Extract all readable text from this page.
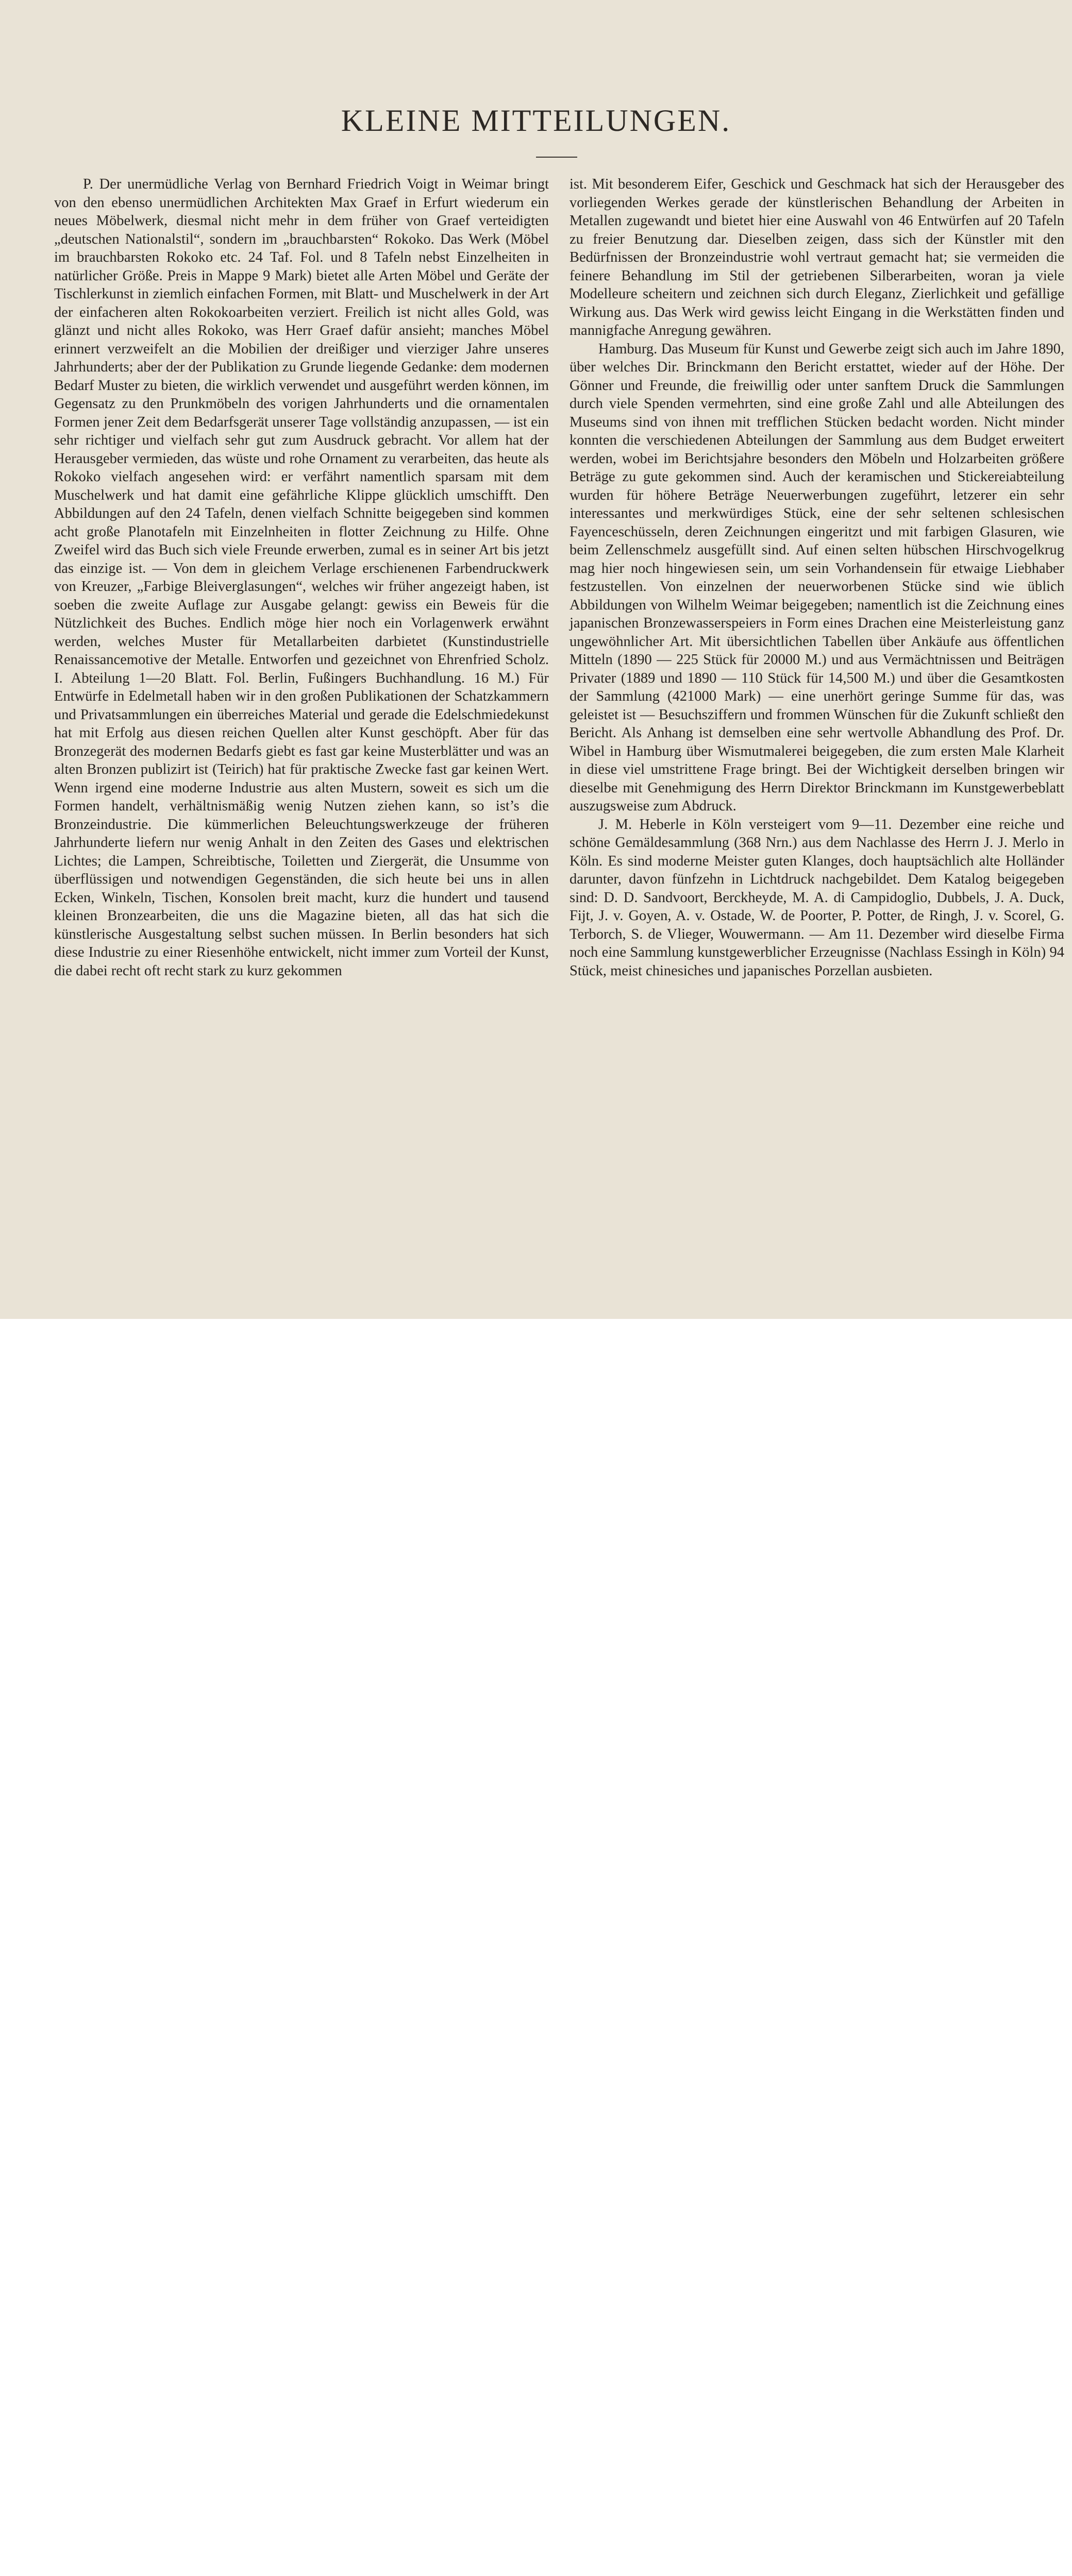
KLEINE MITTEILUNGEN.

P. Der unermüdliche Verlag von Bernhard Friedrich Voigt in Weimar bringt von den ebenso unermüdlichen Architekten Max Graef in Erfurt wiederum ein neues Möbelwerk, diesmal nicht mehr in dem früher von Graef verteidigten „deutschen Nationalstil“, sondern im „brauchbarsten“ Rokoko. Das Werk (Möbel im brauchbarsten Rokoko etc. 24 Taf. Fol. und 8 Tafeln nebst Einzelheiten in natürlicher Größe. Preis in Mappe 9 Mark) bietet alle Arten Möbel und Geräte der Tischlerkunst in ziemlich einfachen Formen, mit Blatt- und Muschelwerk in der Art der einfacheren alten Rokokoarbeiten verziert. Freilich ist nicht alles Gold, was glänzt und nicht alles Rokoko, was Herr Graef dafür ansieht; manches Möbel erinnert verzweifelt an die Mobilien der dreißiger und vierziger Jahre unseres Jahrhunderts; aber der der Publikation zu Grunde liegende Gedanke: dem modernen Bedarf Muster zu bieten, die wirklich verwendet und ausgeführt werden können, im Gegensatz zu den Prunkmöbeln des vorigen Jahrhunderts und die ornamentalen Formen jener Zeit dem Bedarfsgerät unserer Tage vollständig anzupassen, — ist ein sehr richtiger und vielfach sehr gut zum Ausdruck gebracht. Vor allem hat der Herausgeber vermieden, das wüste und rohe Ornament zu verarbeiten, das heute als Rokoko vielfach angesehen wird: er verfährt namentlich sparsam mit dem Muschelwerk und hat damit eine gefährliche Klippe glücklich umschifft. Den Abbildungen auf den 24 Tafeln, denen vielfach Schnitte beigegeben sind kommen acht große Planotafeln mit Einzelnheiten in flotter Zeichnung zu Hilfe. Ohne Zweifel wird das Buch sich viele Freunde erwerben, zumal es in seiner Art bis jetzt das einzige ist. — Von dem in gleichem Verlage erschienenen Farbendruckwerk von Kreuzer, „Farbige Bleiverglasungen“, welches wir früher angezeigt haben, ist soeben die zweite Auflage zur Ausgabe gelangt: gewiss ein Beweis für die Nützlichkeit des Buches. Endlich möge hier noch ein Vorlagenwerk erwähnt werden, welches Muster für Metallarbeiten darbietet (Kunstindustrielle Renaissancemotive der Metalle. Entworfen und gezeichnet von Ehrenfried Scholz. I. Abteilung 1—20 Blatt. Fol. Berlin, Fußingers Buchhandlung. 16 M.) Für Entwürfe in Edelmetall haben wir in den großen Publikationen der Schatzkammern und Privatsammlungen ein überreiches Material und gerade die Edelschmiedekunst hat mit Erfolg aus diesen reichen Quellen alter Kunst geschöpft. Aber für das Bronzegerät des modernen Bedarfs giebt es fast gar keine Musterblätter und was an alten Bronzen publizirt ist (Teirich) hat für praktische Zwecke fast gar keinen Wert. Wenn irgend eine moderne Industrie aus alten Mustern, soweit es sich um die Formen handelt, verhältnismäßig wenig Nutzen ziehen kann, so ist’s die Bronzeindustrie. Die kümmerlichen Beleuchtungswerkzeuge der früheren Jahrhunderte liefern nur wenig Anhalt in den Zeiten des Gases und elektrischen Lichtes; die Lampen, Schreibtische, Toiletten und Ziergerät, die Unsumme von überflüssigen und notwendigen Gegenständen, die sich heute bei uns in allen Ecken, Winkeln, Tischen, Konsolen breit macht, kurz die hundert und tausend kleinen Bronzearbeiten, die uns die Magazine bieten, all das hat sich die künstlerische Ausgestaltung selbst suchen müssen. In Berlin besonders hat sich diese Industrie zu einer Riesenhöhe entwickelt, nicht immer zum Vorteil der Kunst, die dabei recht oft recht stark zu kurz gekommen

ist. Mit besonderem Eifer, Geschick und Geschmack hat sich der Herausgeber des vorliegenden Werkes gerade der künstlerischen Behandlung der Arbeiten in Metallen zugewandt und bietet hier eine Auswahl von 46 Entwürfen auf 20 Tafeln zu freier Benutzung dar. Dieselben zeigen, dass sich der Künstler mit den Bedürfnissen der Bronzeindustrie wohl vertraut gemacht hat; sie vermeiden die feinere Behandlung im Stil der getriebenen Silberarbeiten, woran ja viele Modelleure scheitern und zeichnen sich durch Eleganz, Zierlichkeit und gefällige Wirkung aus. Das Werk wird gewiss leicht Eingang in die Werkstätten finden und mannigfache Anregung gewähren.

Hamburg. Das Museum für Kunst und Gewerbe zeigt sich auch im Jahre 1890, über welches Dir. Brinckmann den Bericht erstattet, wieder auf der Höhe. Der Gönner und Freunde, die freiwillig oder unter sanftem Druck die Sammlungen durch viele Spenden vermehrten, sind eine große Zahl und alle Abteilungen des Museums sind von ihnen mit trefflichen Stücken bedacht worden. Nicht minder konnten die verschiedenen Abteilungen der Sammlung aus dem Budget erweitert werden, wobei im Berichtsjahre besonders den Möbeln und Holzarbeiten größere Beträge zu gute gekommen sind. Auch der keramischen und Stickereiabteilung wurden für höhere Beträge Neuerwerbungen zugeführt, letzerer ein sehr interessantes und merkwürdiges Stück, eine der sehr seltenen schlesischen Fayenceschüsseln, deren Zeichnungen eingeritzt und mit farbigen Glasuren, wie beim Zellenschmelz ausgefüllt sind. Auf einen selten hübschen Hirschvogelkrug mag hier noch hingewiesen sein, um sein Vorhandensein für etwaige Liebhaber festzustellen. Von einzelnen der neuerworbenen Stücke sind wie üblich Abbildungen von Wilhelm Weimar beigegeben; namentlich ist die Zeichnung eines japanischen Bronzewasserspeiers in Form eines Drachen eine Meisterleistung ganz ungewöhnlicher Art. Mit übersichtlichen Tabellen über Ankäufe aus öffentlichen Mitteln (1890 — 225 Stück für 20000 M.) und aus Vermächtnissen und Beiträgen Privater (1889 und 1890 — 110 Stück für 14,500 M.) und über die Gesamtkosten der Sammlung (421000 Mark) — eine unerhört geringe Summe für das, was geleistet ist — Besuchsziffern und frommen Wünschen für die Zukunft schließt den Bericht. Als Anhang ist demselben eine sehr wertvolle Abhandlung des Prof. Dr. Wibel in Hamburg über Wismutmalerei beigegeben, die zum ersten Male Klarheit in diese viel umstrittene Frage bringt. Bei der Wichtigkeit derselben bringen wir dieselbe mit Genehmigung des Herrn Direktor Brinckmann im Kunstgewerbeblatt auszugsweise zum Abdruck.

J. M. Heberle in Köln versteigert vom 9—11. Dezember eine reiche und schöne Gemäldesammlung (368 Nrn.) aus dem Nachlasse des Herrn J. J. Merlo in Köln. Es sind moderne Meister guten Klanges, doch hauptsächlich alte Holländer darunter, davon fünfzehn in Lichtdruck nachgebildet. Dem Katalog beigegeben sind: D. D. Sandvoort, Berckheyde, M. A. di Campidoglio, Dubbels, J. A. Duck, Fijt, J. v. Goyen, A. v. Ostade, W. de Poorter, P. Potter, de Ringh, J. v. Scorel, G. Terborch, S. de Vlieger, Wouwermann. — Am 11. Dezember wird dieselbe Firma noch eine Sammlung kunstgewerblicher Erzeugnisse (Nachlass Essingh in Köln) 94 Stück, meist chinesiches und japanisches Porzellan ausbieten.
